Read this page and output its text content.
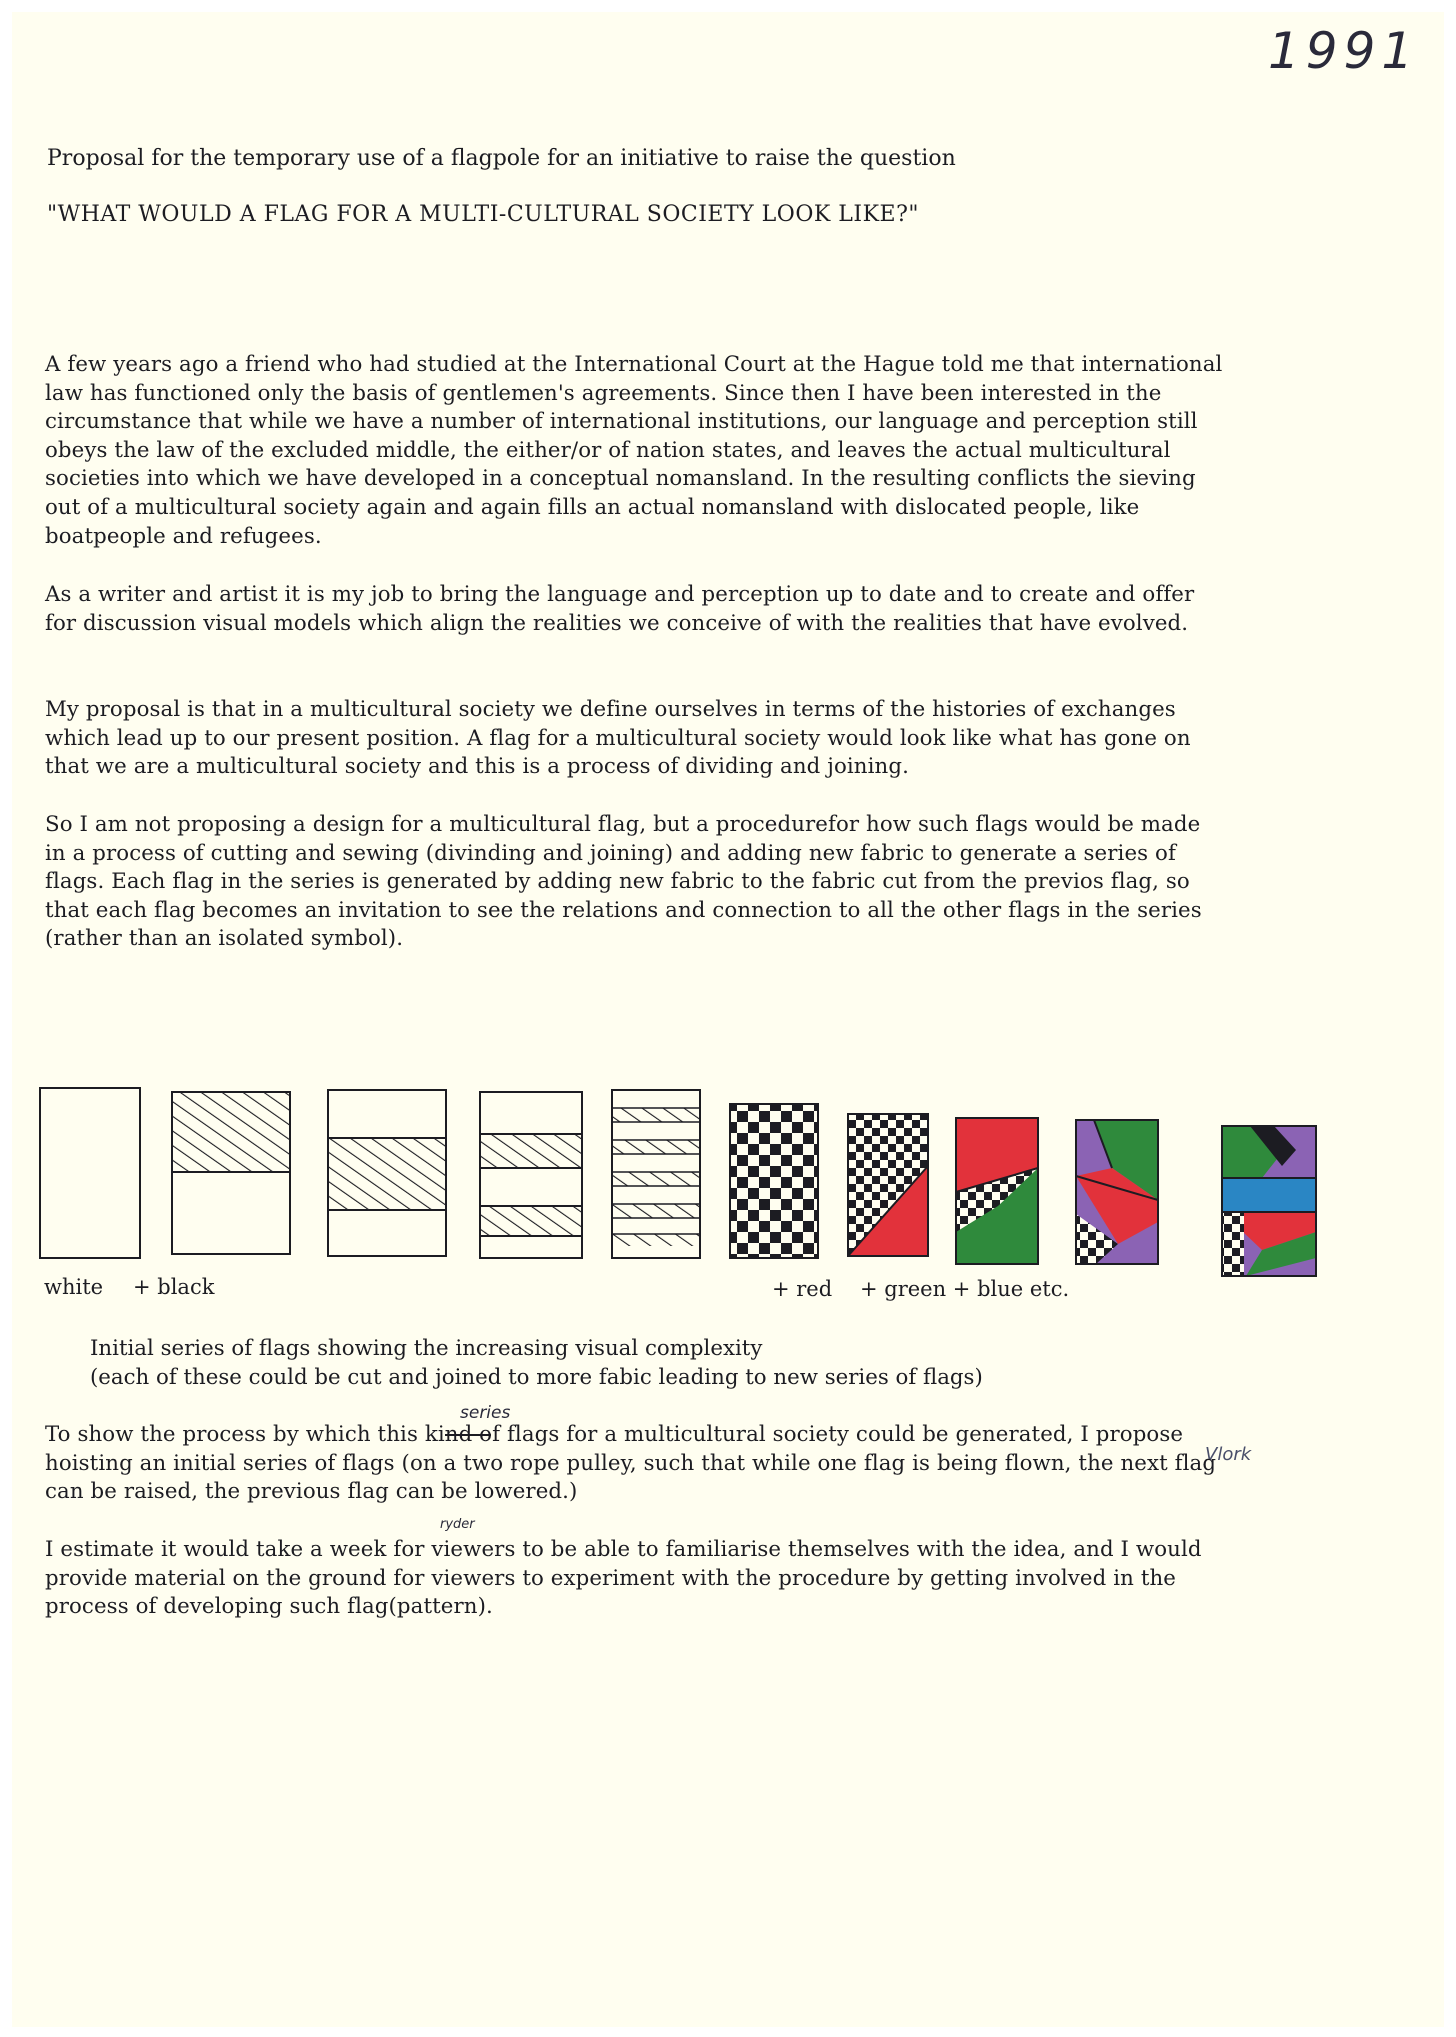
1991
Proposal for the temporary use of a flagpole for an initiative to raise the question
"WHAT WOULD A FLAG FOR A MULTI-CULTURAL SOCIETY LOOK LIKE?"

A few years ago a friend who had studied at the International Court at the Hague told me that international law has functioned only the basis of gentlemen's agreements. Since then I have been interested in the circumstance that while we have a number of international institutions, our language and perception still obeys the law of the excluded middle, the either/or of nation states, and leaves the actual multicultural societies into which we have developed in a conceptual nomansland. In the resulting conflicts the sieving out of a multicultural society again and again fills an actual nomansland with dislocated people, like boatpeople and refugees.

As a writer and artist it is my job to bring the language and perception up to date and to create and offer for discussion visual models which align the realities we conceive of with the realities that have evolved.

My proposal is that in a multicultural society we define ourselves in terms of the histories of exchanges which lead up to our present position. A flag for a multicultural society would look like what has gone on that we are a multicultural society and this is a process of dividing and joining.

So I am not proposing a design for a multicultural flag, but a procedurefor how such flags would be made in a process of cutting and sewing (divinding and joining) and adding new fabric to generate a series of flags. Each flag in the series is generated by adding new fabric to the fabric cut from the previos flag, so that each flag becomes an invitation to see the relations and connection to all the other flags in the series (rather than an isolated symbol).

white + black	+ red + green + blue etc.
Initial series of flags showing the increasing visual complexity
(each of these could be cut and joined to more fabic leading to new series of flags)
series
Vlork
ryder

To show the process by which this kind of flags for a multicultural society could be generated, I propose hoisting an initial series of flags (on a two rope pulley, such that while one flag is being flown, the next flag can be raised, the previous flag can be lowered.)

I estimate it would take a week for viewers to be able to familiarise themselves with the idea, and I would provide material on the ground for viewers to experiment with the procedure by getting involved in the process of developing such flag(pattern).
